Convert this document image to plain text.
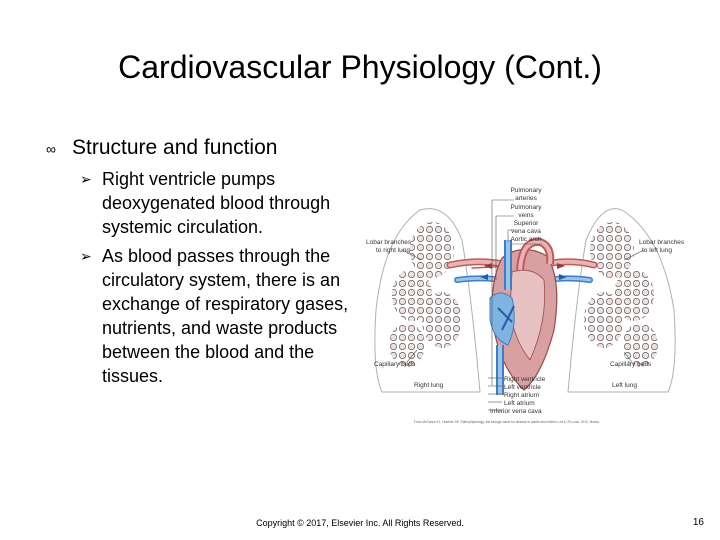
Cardiovascular Physiology (Cont.)
∞ Structure and function
➢ Right ventricle pumps deoxygenated blood through systemic circulation.
➢ As blood passes through the circulatory system, there is an exchange of respiratory gases, nutrients, and waste products between the blood and the tissues.
Pulmonary
arteries
Pulmonary
veins
Superior
vena cava
Aortic arch
Lobar branches
to right lung
Lobar branches
to left lung
Capillary beds	Capillary beds
Right lung	Left lung
Right ventricle
Left ventricle
Right atrium
Left atrium
Inferior vena cava
From McCance KL, Huether SE: Pathophysiology: the biologic basis for disease in adults and children, ed 6, St Louis, 2010, Mosby.
Copyright © 2017, Elsevier Inc. All Rights Reserved.	16
